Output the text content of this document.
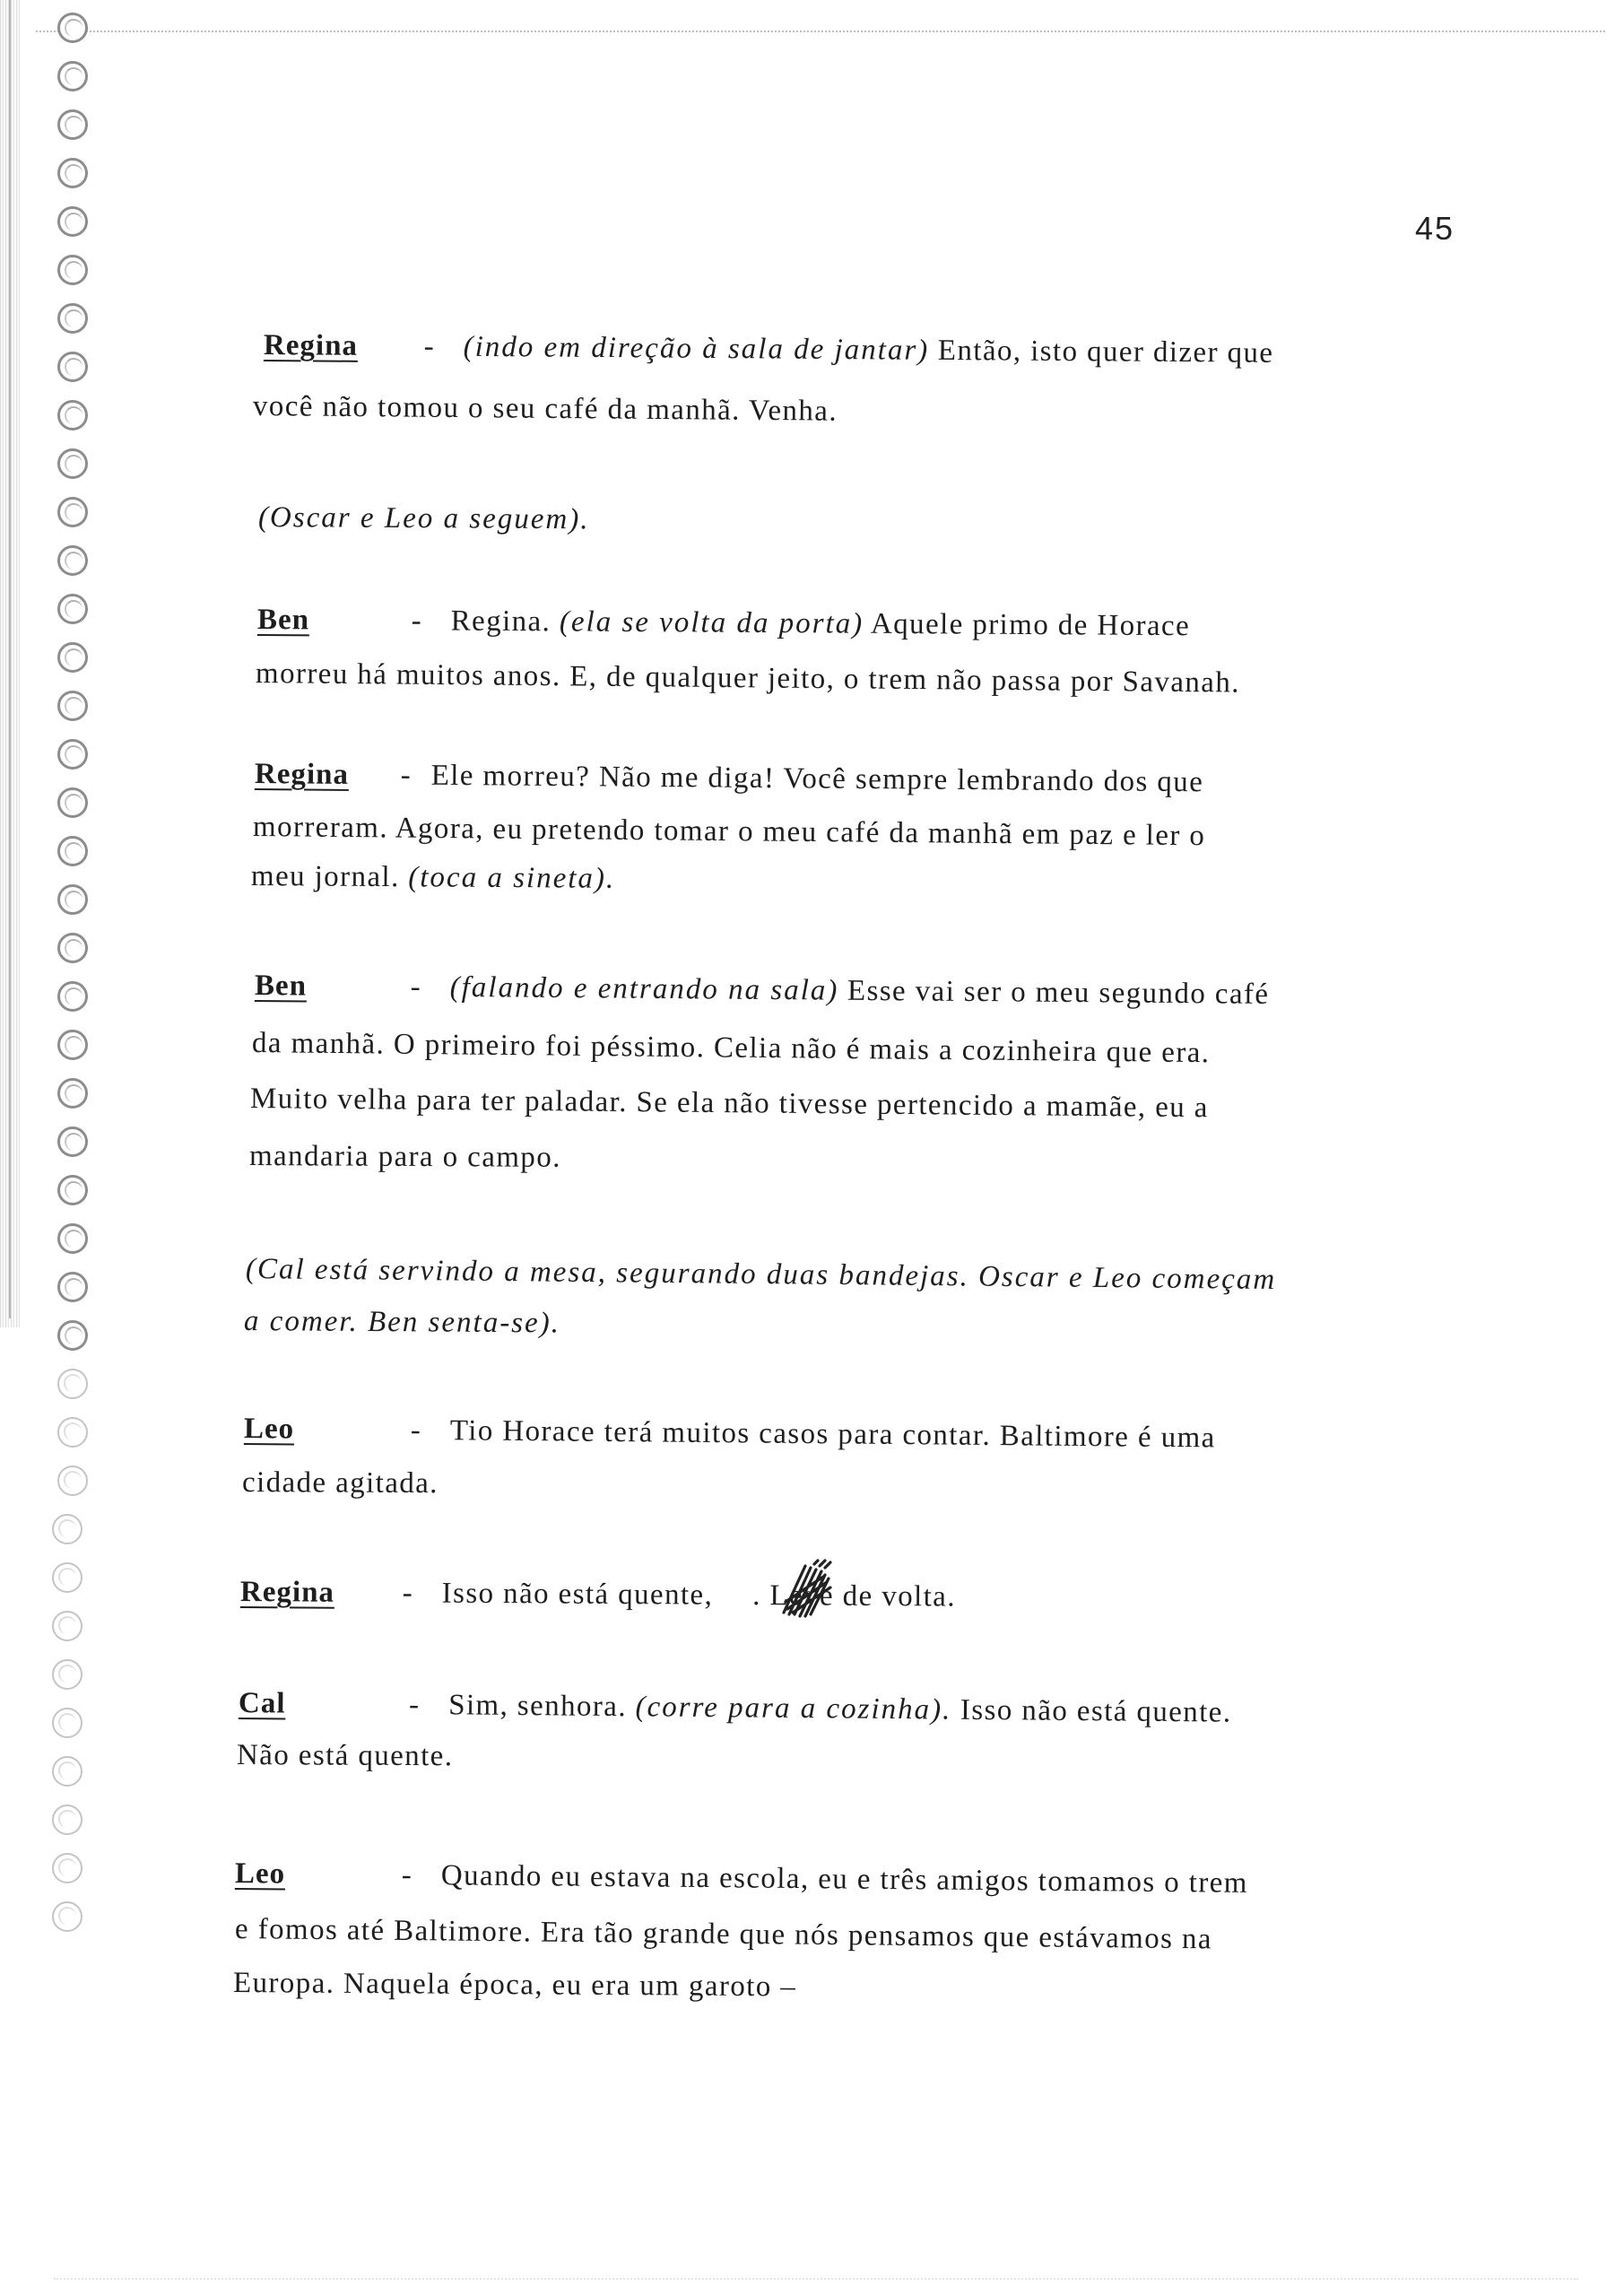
45
Regina - (indo em direção à sala de jantar) Então, isto quer dizer que
você não tomou o seu café da manhã. Venha.
(Oscar e Leo a seguem).
Ben	- Regina. (ela se volta da porta) Aquele primo de Horace
morreu há muitos anos. E, de qualquer jeito, o trem não passa por Savanah.
Regina - Ele morreu? Não me diga! Você sempre lembrando dos que
morreram. Agora, eu pretendo tomar o meu café da manhã em paz e ler o
meu jornal. (toca a sineta).
Ben	- (falando e entrando na sala) Esse vai ser o meu segundo café
da manhã. O primeiro foi péssimo. Celia não é mais a cozinheira que era.
Muito velha para ter paladar. Se ela não tivesse pertencido a mamãe, eu a
mandaria para o campo.
(Cal está servindo a mesa, segurando duas bandejas. Oscar e Leo começam
a comer. Ben senta-se).
Leo	- Tio Horace terá muitos casos para contar. Baltimore é uma
cidade agitada.
Regina - Isso não está quente, . Leve de volta.
Cal	- Sim, senhora. (corre para a cozinha). Isso não está quente.
Não está quente.
Leo	- Quando eu estava na escola, eu e três amigos tomamos o trem
e fomos até Baltimore. Era tão grande que nós pensamos que estávamos na
Europa. Naquela época, eu era um garoto –
